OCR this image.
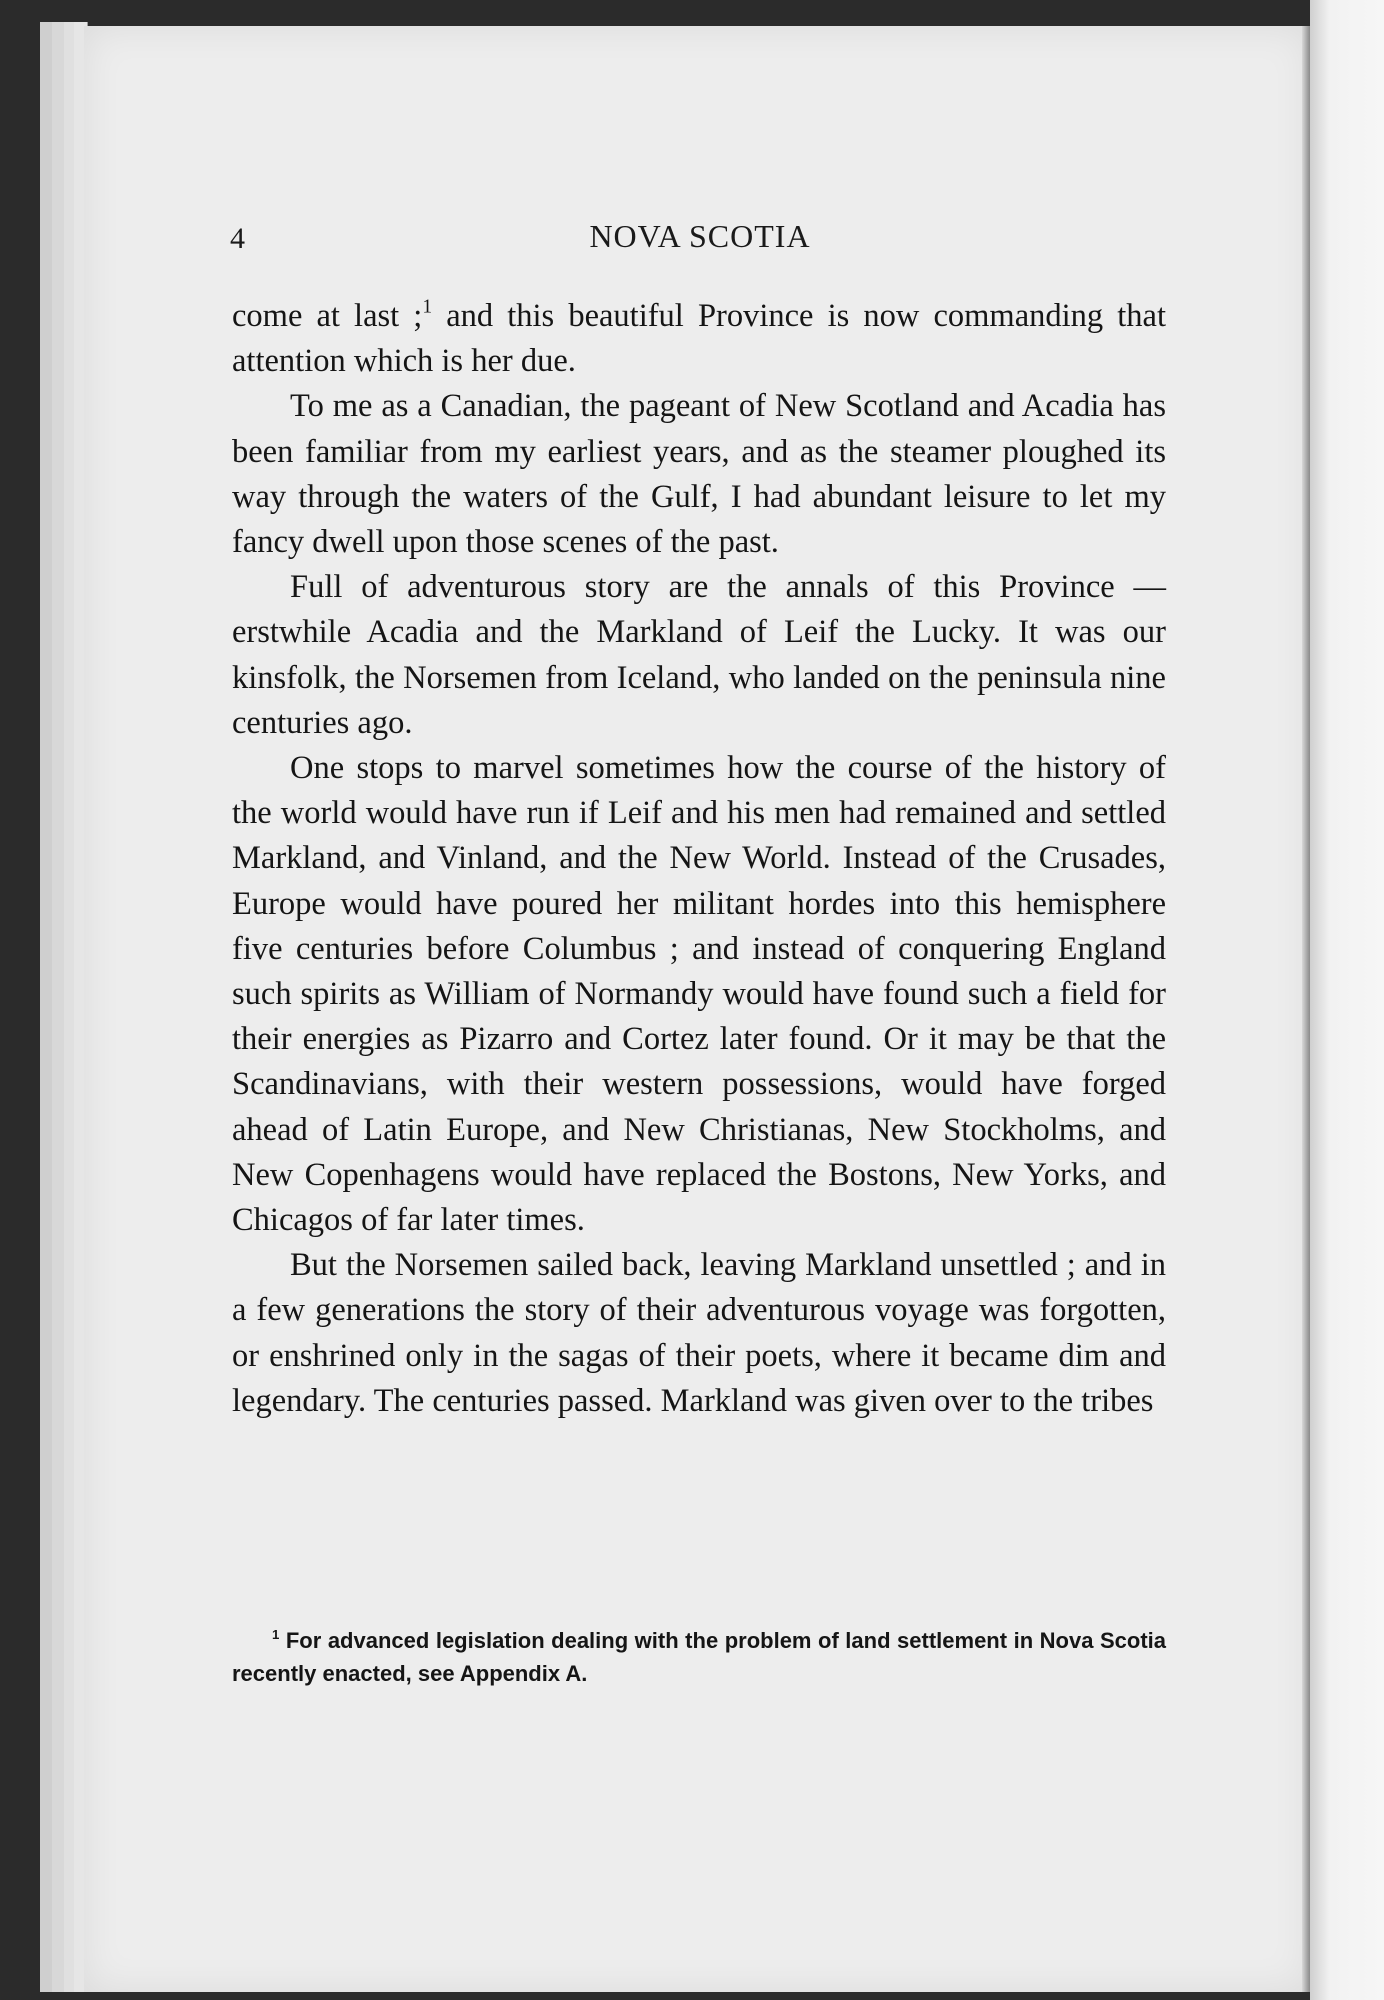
4	NOVA SCOTIA

come at last ;$^1$ and this beautiful Province is now commanding that attention which is her due.

To me as a Canadian, the pageant of New Scotland and Acadia has been familiar from my earliest years, and as the steamer ploughed its way through the waters of the Gulf, I had abundant leisure to let my fancy dwell upon those scenes of the past.

Full of adventurous story are the annals of this Province —erstwhile Acadia and the Markland of Leif the Lucky. It was our kinsfolk, the Norsemen from Iceland, who landed on the peninsula nine centuries ago.

One stops to marvel sometimes how the course of the history of the world would have run if Leif and his men had remained and settled Markland, and Vinland, and the New World. Instead of the Crusades, Europe would have poured her militant hordes into this hemisphere five centuries before Columbus ; and instead of conquering England such spirits as William of Normandy would have found such a field for their energies as Pizarro and Cortez later found. Or it may be that the Scandinavians, with their western possessions, would have forged ahead of Latin Europe, and New Christianas, New Stockholms, and New Copenhagens would have replaced the Bostons, New Yorks, and Chicagos of far later times.

But the Norsemen sailed back, leaving Markland unsettled ; and in a few generations the story of their adventurous voyage was forgotten, or enshrined only in the sagas of their poets, where it became dim and legendary. The centuries passed. Markland was given over to the tribes

$^1$ For advanced legislation dealing with the problem of land settlement in Nova Scotia recently enacted, see Appendix A.
